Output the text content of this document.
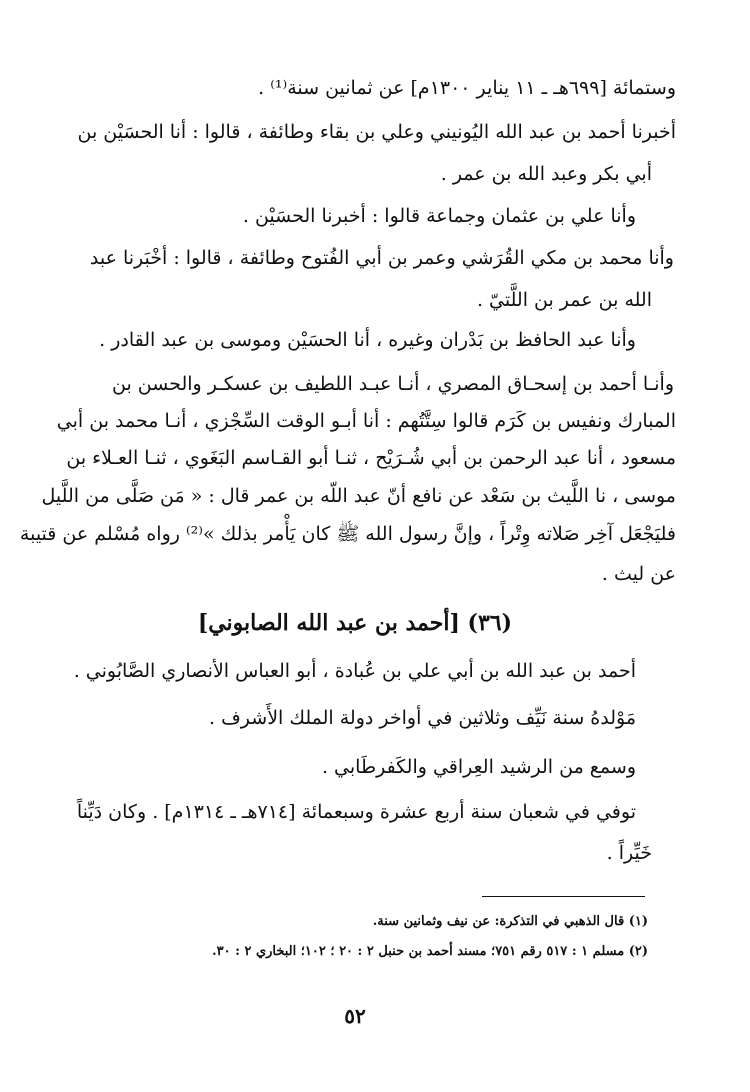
وستمائة [٦٩٩هـ ـ ١١ يناير ١٣٠٠م] عن ثمانين سنة⁽¹⁾ .
أخبرنا أحمد بن عبد الله اليُونيني وعلي بن بقاء وطائفة ، قالوا : أنا الحسَيْن بن
أبي بكر وعبد الله بن عمر .
وأنا علي بن عثمان وجماعة قالوا : أخبرنا الحسَيْن .
وأنا محمد بن مكي القُرَشي وعمر بن أبي الفُتوح وطائفة ، قالوا : أخْبَرنا عبد
الله بن عمر بن اللَّتيّ .
وأنا عبد الحافظ بن بَدْران وغيره ، أنا الحسَيْن وموسى بن عبد القادر .
وأنـا أحمد بن إسحـاق المصري ، أنـا عبـد اللطيف بن عسكـر والحسن بن
المبارك ونفيس بن كَرَم قالوا سِتَّتُهم : أنا أبـو الوقت السِّجْزي ، أنـا محمد بن أبي
مسعود ، أنا عبد الرحمن بن أبي شُـرَيْح ، ثنـا أبو القـاسم البَغَوي ، ثنـا العـلاء بن
موسى ، نا اللَّيث بن سَعْد عن نافع أنّ عبد اللّه بن عمر قال : « مَن صَلَّى من اللَّيل
فليَجْعَل آخِر صَلاته وِتْراً ، وإنَّ رسول الله ﷺ كان يَأْمر بذلك »⁽²⁾ رواه مُسْلم عن قتيبة
عن ليث .
(٣٦) [أحمد بن عبد الله الصابوني]
أحمد بن عبد الله بن أبي علي بن عُبادة ، أبو العباس الأنصاري الصَّابُوني .
مَوْلدهُ سنة نَيِّف وثلاثين في أواخر دولة الملك الأَشرف .
وسمع من الرشيد العِراقي والكَفرطَابي .
توفي في شعبان سنة أربع عشرة وسبعمائة [٧١٤هـ ـ ١٣١٤م] . وكان دَيِّناً
خَيِّراً .
(١) قال الذهبي في التذكرة: عن نيف وثمانين سنة.
(٢) مسلم ١ : ٥١٧ رقم ٧٥١؛ مسند أحمد بن حنبل ٢ : ٢٠ ؛ ١٠٢؛ البخاري ٢ : ٣٠.
٥٢
